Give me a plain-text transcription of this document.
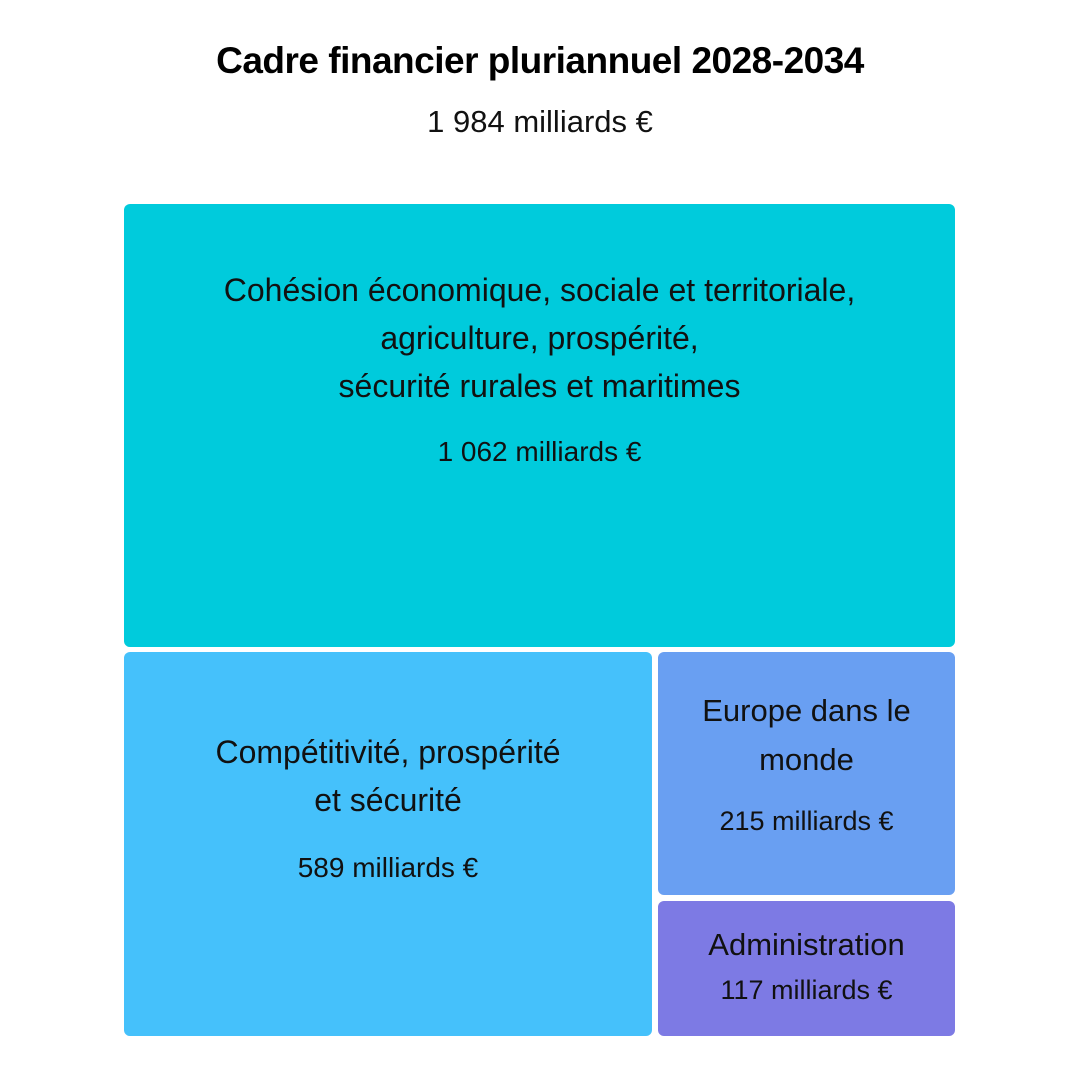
Cadre financier pluriannuel 2028-2034
1 984 milliards €
Cohésion économique, sociale et territoriale,
agriculture, prospérité,
sécurité rurales et maritimes
1 062 milliards €
Compétitivité, prospérité
et sécurité
589 milliards €
Europe dans le
monde
215 milliards €
Administration
117 milliards €
